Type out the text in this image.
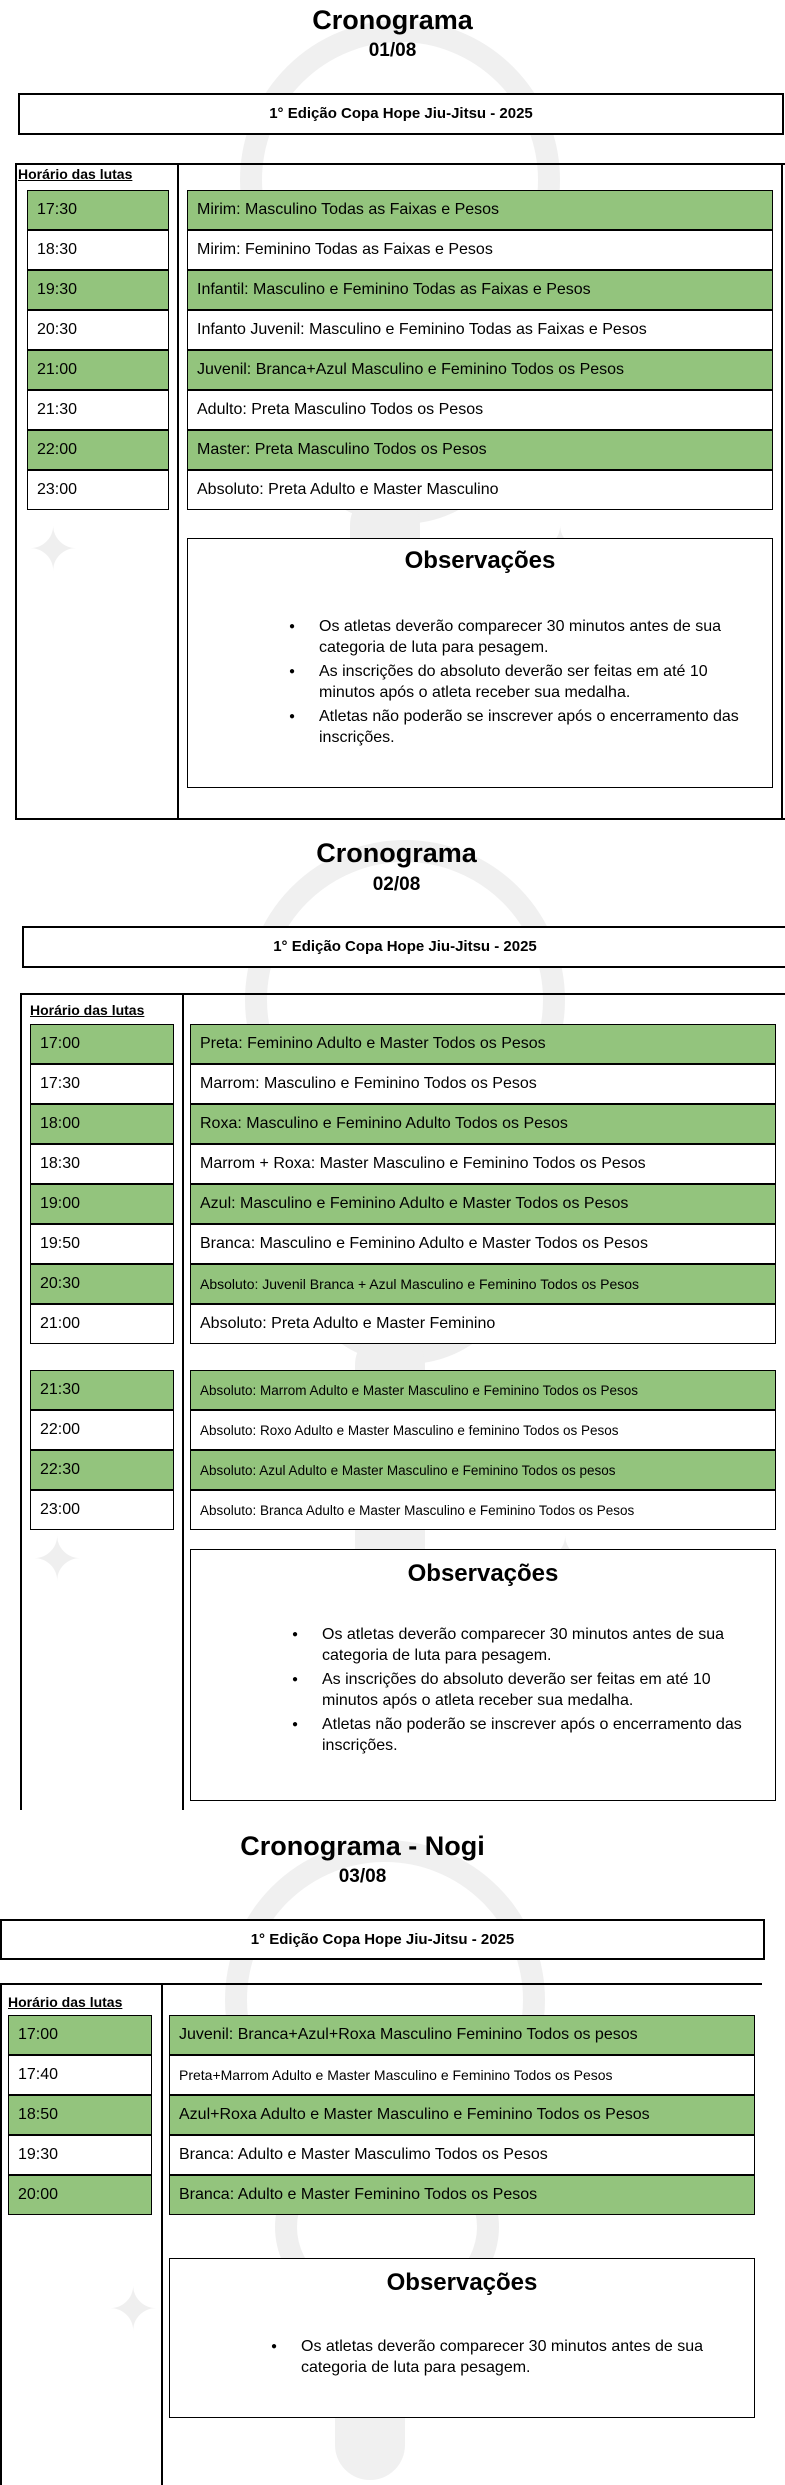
✦
Cronograma
01/08
1° Edição Copa Hope Jiu-Jitsu - 2025
Horário das lutas
17:30
18:30
19:30
20:30
21:00
21:30
22:00
23:00
Mirim: Masculino Todas as Faixas e Pesos
Mirim: Feminino Todas as Faixas e Pesos
Infantil: Masculino e Feminino Todas as Faixas e Pesos
Infanto Juvenil: Masculino e Feminino Todas as Faixas e Pesos
Juvenil: Branca+Azul Masculino e Feminino Todos os Pesos
Adulto: Preta Masculino Todos os Pesos
Master: Preta Masculino Todos os Pesos
Absoluto: Preta Adulto e Master Masculino
Observações
● Os atletas deverão comparecer 30 minutos antes de sua categoria de luta para pesagem.
● As inscrições do absoluto deverão ser feitas em até 10 minutos após o atleta receber sua medalha.
● Atletas não poderão se inscrever após o encerramento das inscrições.
✦
Cronograma
02/08
1° Edição Copa Hope Jiu-Jitsu - 2025
Horário das lutas
17:00
17:30
18:00
18:30
19:00
19:50
20:30
21:00
Preta: Feminino Adulto e Master Todos os Pesos
Marrom: Masculino e Feminino Todos os Pesos
Roxa: Masculino e Feminino Adulto Todos os Pesos
Marrom + Roxa: Master Masculino e Feminino Todos os Pesos
Azul: Masculino e Feminino Adulto e Master Todos os Pesos
Branca: Masculino e Feminino Adulto e Master Todos os Pesos
Absoluto: Juvenil Branca + Azul Masculino e Feminino Todos os Pesos
Absoluto: Preta Adulto e Master Feminino
21:30
22:00
22:30
23:00
Absoluto: Marrom Adulto e Master Masculino e Feminino Todos os Pesos
Absoluto: Roxo Adulto e Master Masculino e feminino Todos os Pesos
Absoluto: Azul Adulto e Master Masculino e Feminino Todos os pesos
Absoluto: Branca Adulto e Master Masculino e Feminino Todos os Pesos
Observações
● Os atletas deverão comparecer 30 minutos antes de sua categoria de luta para pesagem.
● As inscrições do absoluto deverão ser feitas em até 10 minutos após o atleta receber sua medalha.
● Atletas não poderão se inscrever após o encerramento das inscrições.
✦
Cronograma - Nogi
03/08
1° Edição Copa Hope Jiu-Jitsu - 2025
Horário das lutas
17:00
17:40
18:50
19:30
20:00
Juvenil: Branca+Azul+Roxa Masculino Feminino Todos os pesos
Preta+Marrom Adulto e Master Masculino e Feminino Todos os Pesos
Azul+Roxa Adulto e Master Masculino e Feminino Todos os Pesos
Branca: Adulto e Master Masculimo Todos os Pesos
Branca: Adulto e Master Feminino Todos os Pesos
Observações
● Os atletas deverão comparecer 30 minutos antes de sua categoria de luta para pesagem.
